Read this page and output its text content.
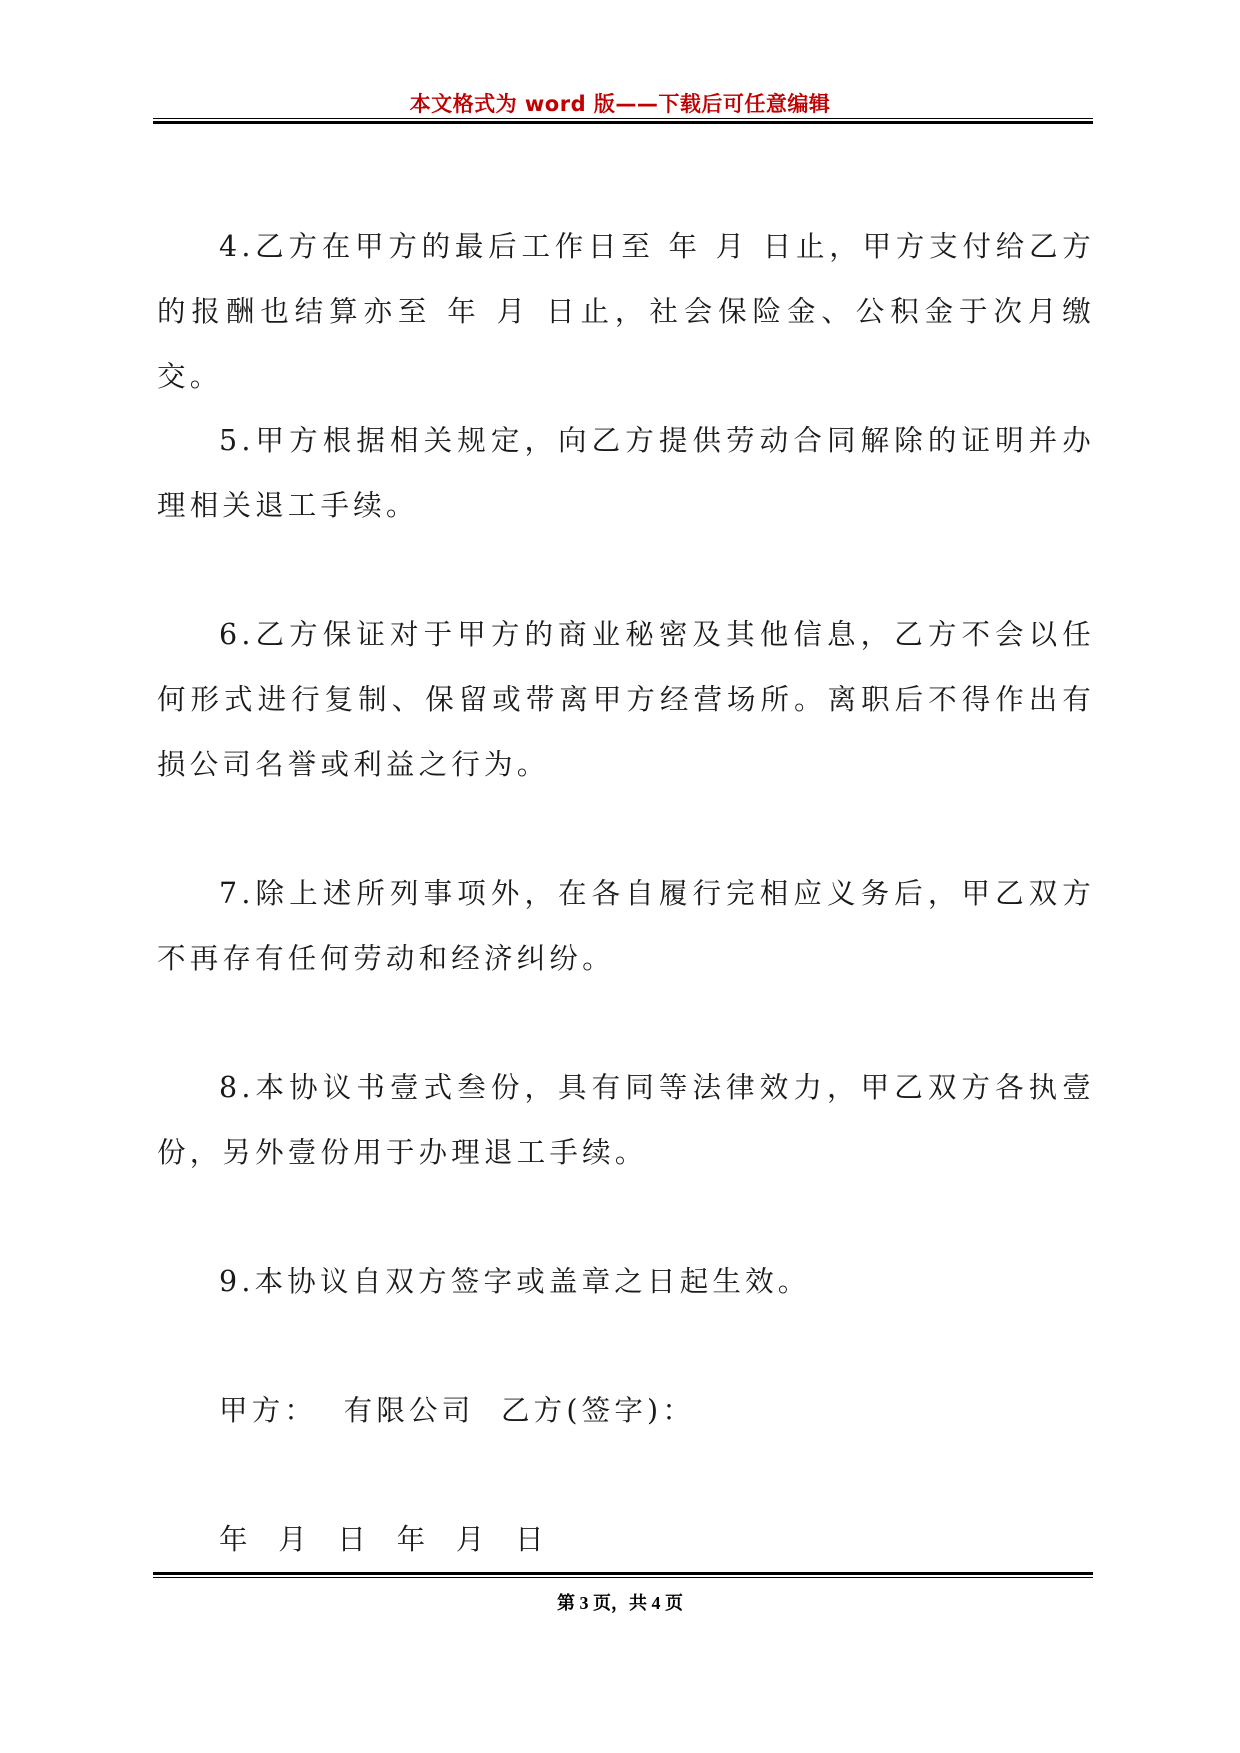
本文格式为 word 版——下载后可任意编辑

4.乙方在甲方的最后工作日至 年 月 日止，甲方支付给乙方的报酬也结算亦至 年 月 日止，社会保险金、公积金于次月缴交。

5.甲方根据相关规定，向乙方提供劳动合同解除的证明并办理相关退工手续。

6.乙方保证对于甲方的商业秘密及其他信息，乙方不会以任何形式进行复制、保留或带离甲方经营场所。离职后不得作出有损公司名誉或利益之行为。

7.除上述所列事项外，在各自履行完相应义务后，甲乙双方不再存有任何劳动和经济纠纷。

8.本协议书壹式叁份，具有同等法律效力，甲乙双方各执壹份，另外壹份用于办理退工手续。

9.本协议自双方签字或盖章之日起生效。

甲方：  有限公司  乙方(签字)：

年  月  日  年  月  日

第 3 页，共 4 页
